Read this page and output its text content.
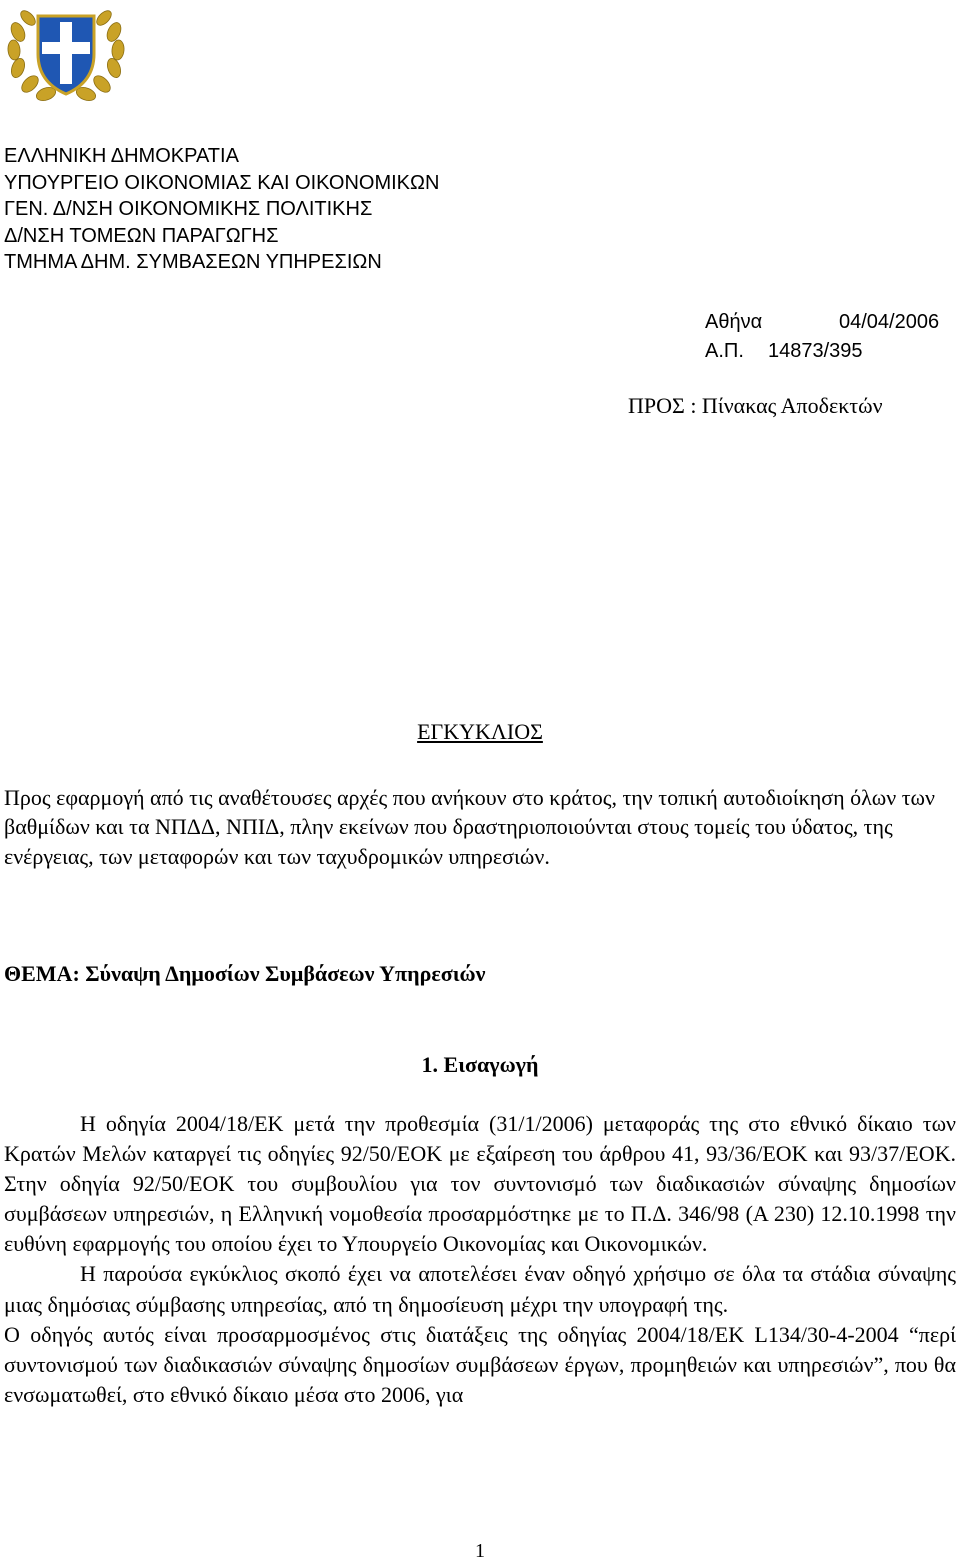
ΕΛΛΗΝΙΚΗ ΔΗΜΟΚΡΑΤΙΑ
ΥΠΟΥΡΓΕΙΟ ΟΙΚΟΝΟΜΙΑΣ ΚΑΙ ΟΙΚΟΝΟΜΙΚΩΝ
ΓΕΝ. Δ/ΝΣΗ ΟΙΚΟΝΟΜΙΚΗΣ ΠΟΛΙΤΙΚΗΣ
Δ/ΝΣΗ ΤΟΜΕΩΝ ΠΑΡΑΓΩΓΗΣ
ΤΜΗΜΑ ΔΗΜ. ΣΥΜΒΑΣΕΩΝ ΥΠΗΡΕΣΙΩΝ
Αθήνα	04/04/2006
Α.Π. 14873/395
ΠΡΟΣ : Πίνακας Αποδεκτών
ΕΓΚΥΚΛΙΟΣ
Προς εφαρμογή από τις αναθέτουσες αρχές που ανήκουν στο κράτος, την τοπική αυτοδιοίκηση όλων των βαθμίδων και τα ΝΠΔΔ, ΝΠΙΔ, πλην εκείνων που δραστηριοποιούνται στους τομείς του ύδατος, της ενέργειας, των μεταφορών και των ταχυδρομικών υπηρεσιών.
ΘΕΜΑ: Σύναψη Δημοσίων Συμβάσεων Υπηρεσιών
1. Εισαγωγή

Η οδηγία 2004/18/ΕΚ μετά την προθεσμία (31/1/2006) μεταφοράς της στο εθνικό δίκαιο των Κρατών Μελών καταργεί τις οδηγίες 92/50/ΕΟΚ με εξαίρεση του άρθρου 41, 93/36/ΕΟΚ και 93/37/ΕΟΚ. Στην οδηγία 92/50/ΕΟΚ του συμβουλίου για τον συντονισμό των διαδικασιών σύναψης δημοσίων συμβάσεων υπηρεσιών, η Ελληνική νομοθεσία προσαρμόστηκε με το Π.Δ. 346/98 (Α 230) 12.10.1998 την ευθύνη εφαρμογής του οποίου έχει το Υπουργείο Οικονομίας και Οικονομικών.

Η παρούσα εγκύκλιος σκοπό έχει να αποτελέσει έναν οδηγό χρήσιμο σε όλα τα στάδια σύναψης μιας δημόσιας σύμβασης υπηρεσίας, από τη δημοσίευση μέχρι την υπογραφή της.

Ο οδηγός αυτός είναι προσαρμοσμένος στις διατάξεις της οδηγίας 2004/18/ΕΚ L134/30-4-2004 “περί συντονισμού των διαδικασιών σύναψης δημοσίων συμβάσεων έργων, προμηθειών και υπηρεσιών”, που θα ενσωματωθεί, στο εθνικό δίκαιο μέσα στο 2006, για

1
